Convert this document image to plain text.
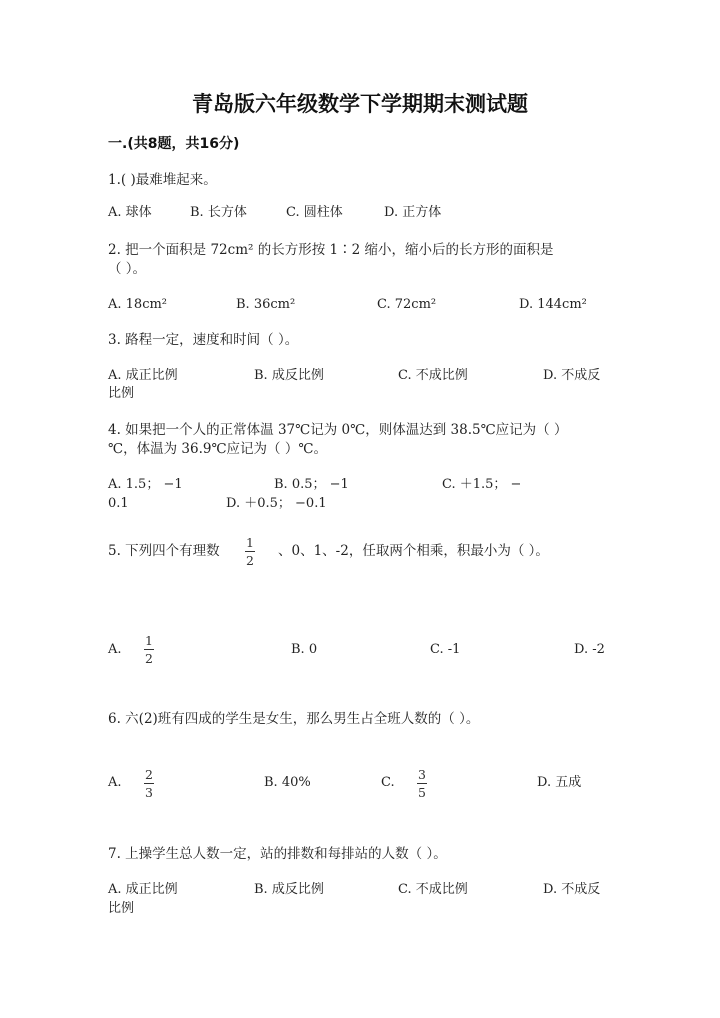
青岛版六年级数学下学期期末测试题
一.(共8题，共16分)
1.( )最难堆起来。
A. 球体	B. 长方体	C. 圆柱体	D. 正方体
2. 把一个面积是 72cm² 的长方形按 1∶2 缩小，缩小后的长方形的面积是
（ ）。
A. 18cm²	B. 36cm²	C. 72cm²	D. 144cm²
3. 路程一定，速度和时间（ ）。
A. 成正比例	B. 成反比例	C. 不成比例	D. 不成反
比例
4. 如果把一个人的正常体温 37℃记为 0℃，则体温达到 38.5℃应记为（ ）
℃，体温为 36.9℃应记为（ ）℃。
A. 1.5； −1	B. 0.5； −1	C. ＋1.5； −
0.1	D. ＋0.5； −0.1
5. 下列四个有理数
1
2
、0、1、-2，任取两个相乘，积最小为（ ）。
A.
1
2
B. 0	C. -1	D. -2
6. 六(2)班有四成的学生是女生，那么男生占全班人数的（ ）。
A.
2
3
B. 40%	C.
3
5
D. 五成
7. 上操学生总人数一定，站的排数和每排站的人数（ ）。
A. 成正比例	B. 成反比例	C. 不成比例	D. 不成反
比例
